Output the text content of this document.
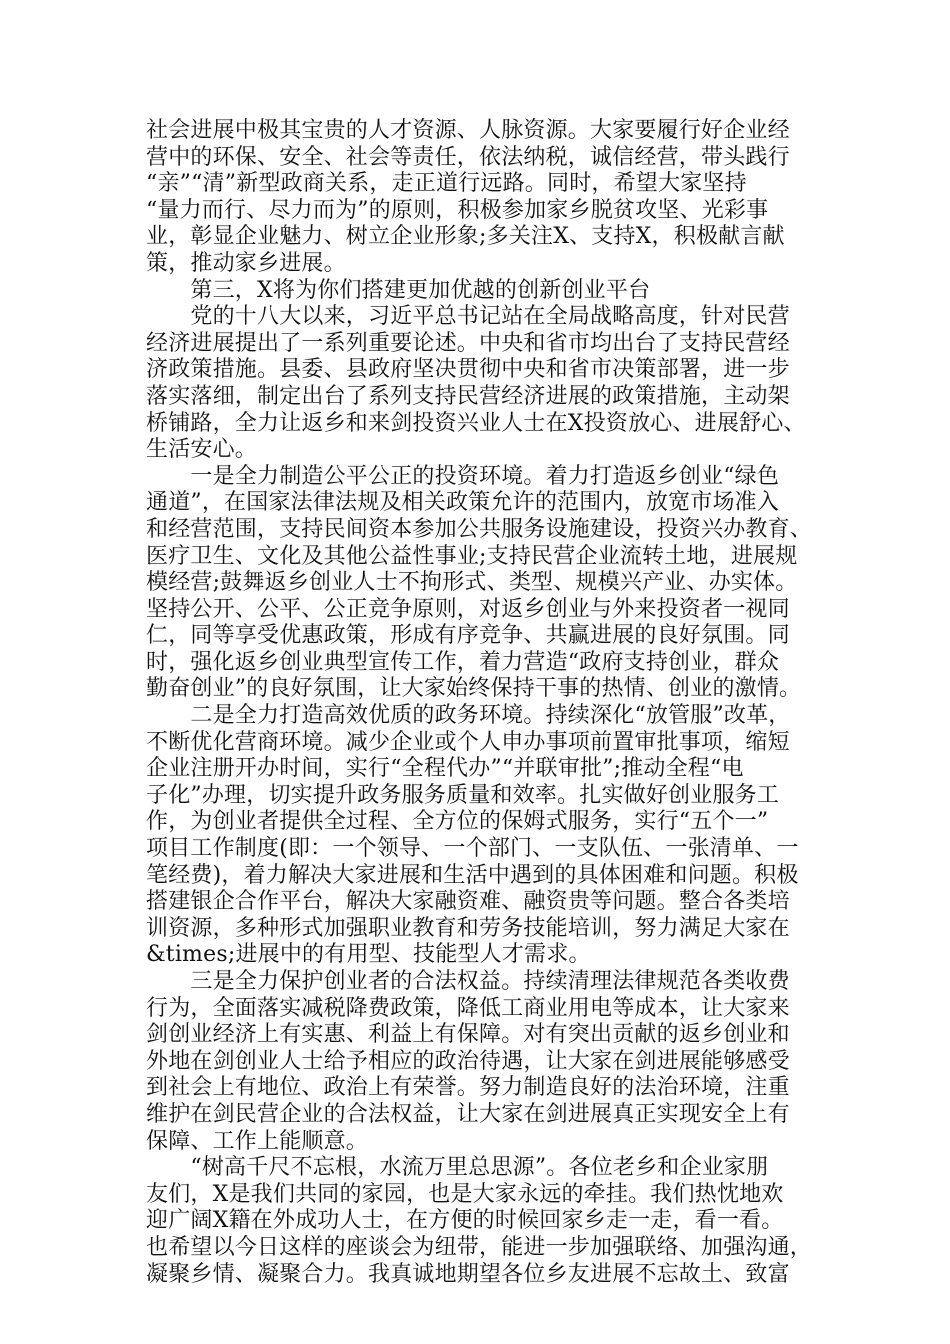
社会进展中极其宝贵的人才资源、人脉资源。大家要履行好企业经
营中的环保、安全、社会等责任，依法纳税，诚信经营，带头践行
“亲”“清”新型政商关系，走正道行远路。同时，希望大家坚持
“量力而行、尽力而为”的原则，积极参加家乡脱贫攻坚、光彩事
业，彰显企业魅力、树立企业形象;多关注X、支持X，积极献言献
策，推动家乡进展。
　　第三，X将为你们搭建更加优越的创新创业平台
　　党的十八大以来，习近平总书记站在全局战略高度，针对民营
经济进展提出了一系列重要论述。中央和省市均出台了支持民营经
济政策措施。县委、县政府坚决贯彻中央和省市决策部署，进一步
落实落细，制定出台了系列支持民营经济进展的政策措施，主动架
桥铺路，全力让返乡和来剑投资兴业人士在X投资放心、进展舒心、
生活安心。
　　一是全力制造公平公正的投资环境。着力打造返乡创业“绿色
通道”，在国家法律法规及相关政策允许的范围内，放宽市场准入
和经营范围，支持民间资本参加公共服务设施建设，投资兴办教育、
医疗卫生、文化及其他公益性事业;支持民营企业流转土地，进展规
模经营;鼓舞返乡创业人士不拘形式、类型、规模兴产业、办实体。
坚持公开、公平、公正竞争原则，对返乡创业与外来投资者一视同
仁，同等享受优惠政策，形成有序竞争、共赢进展的良好氛围。同
时，强化返乡创业典型宣传工作，着力营造“政府支持创业，群众
勤奋创业”的良好氛围，让大家始终保持干事的热情、创业的激情。
　　二是全力打造高效优质的政务环境。持续深化“放管服”改革，
不断优化营商环境。减少企业或个人申办事项前置审批事项，缩短
企业注册开办时间，实行“全程代办”“并联审批”;推动全程“电
子化”办理，切实提升政务服务质量和效率。扎实做好创业服务工
作，为创业者提供全过程、全方位的保姆式服务，实行“五个一”
项目工作制度(即：一个领导、一个部门、一支队伍、一张清单、一
笔经费)，着力解决大家进展和生活中遇到的具体困难和问题。积极
搭建银企合作平台，解决大家融资难、融资贵等问题。整合各类培
训资源，多种形式加强职业教育和劳务技能培训，努力满足大家在
&times;进展中的有用型、技能型人才需求。
　　三是全力保护创业者的合法权益。持续清理法律规范各类收费
行为，全面落实减税降费政策，降低工商业用电等成本，让大家来
剑创业经济上有实惠、利益上有保障。对有突出贡献的返乡创业和
外地在剑创业人士给予相应的政治待遇，让大家在剑进展能够感受
到社会上有地位、政治上有荣誉。努力制造良好的法治环境，注重
维护在剑民营企业的合法权益，让大家在剑进展真正实现安全上有
保障、工作上能顺意。
　　“树高千尺不忘根，水流万里总思源”。各位老乡和企业家朋
友们，X是我们共同的家园，也是大家永远的牵挂。我们热忱地欢
迎广阔X籍在外成功人士，在方便的时候回家乡走一走，看一看。
也希望以今日这样的座谈会为纽带，能进一步加强联络、加强沟通，
凝聚乡情、凝聚合力。我真诚地期望各位乡友进展不忘故土、致富
